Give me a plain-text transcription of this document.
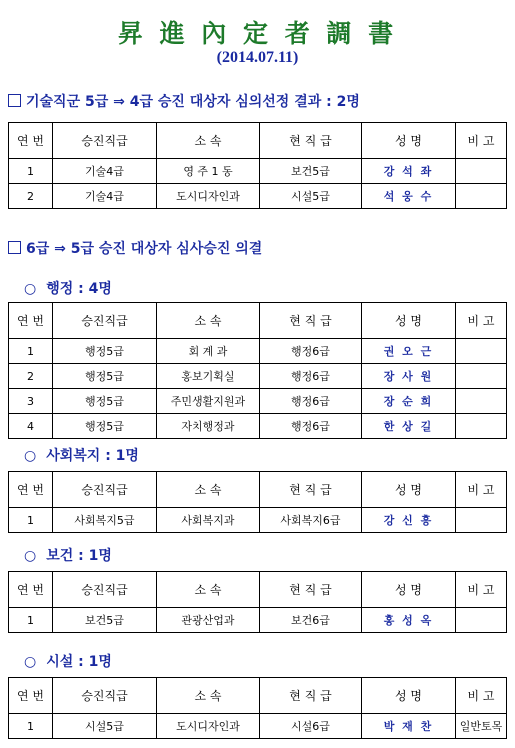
昇 進 內 定 者 調 書
(2014.07.11)
기술직군 5급 ⇒ 4급 승진 대상자 심의선정 결과 : 2명
연 번	승진직급	소 속	현 직 급	성 명	비 고
1	기술4급	영 주 1 동	보건5급	강 석 좌	
2	기술4급	도시디자인과	시설5급	석 웅 수	
6급 ⇒ 5급 승진 대상자 심사승진 의결
○ 행정 : 4명
연 번	승진직급	소 속	현 직 급	성 명	비 고
1	행정5급	회 계 과	행정6급	권 오 근	
2	행정5급	홍보기획실	행정6급	장 사 원	
3	행정5급	주민생활지원과	행정6급	장 순 희	
4	행정5급	자치행정과	행정6급	한 상 길	
○ 사회복지 : 1명
연 번	승진직급	소 속	현 직 급	성 명	비 고
1	사회복지5급	사회복지과	사회복지6급	강 신 흥	
○ 보건 : 1명
연 번	승진직급	소 속	현 직 급	성 명	비 고
1	보건5급	관광산업과	보건6급	홍 성 옥	
○ 시설 : 1명
연 번	승진직급	소 속	현 직 급	성 명	비 고
1	시설5급	도시디자인과	시설6급	박 재 찬	일반토목
